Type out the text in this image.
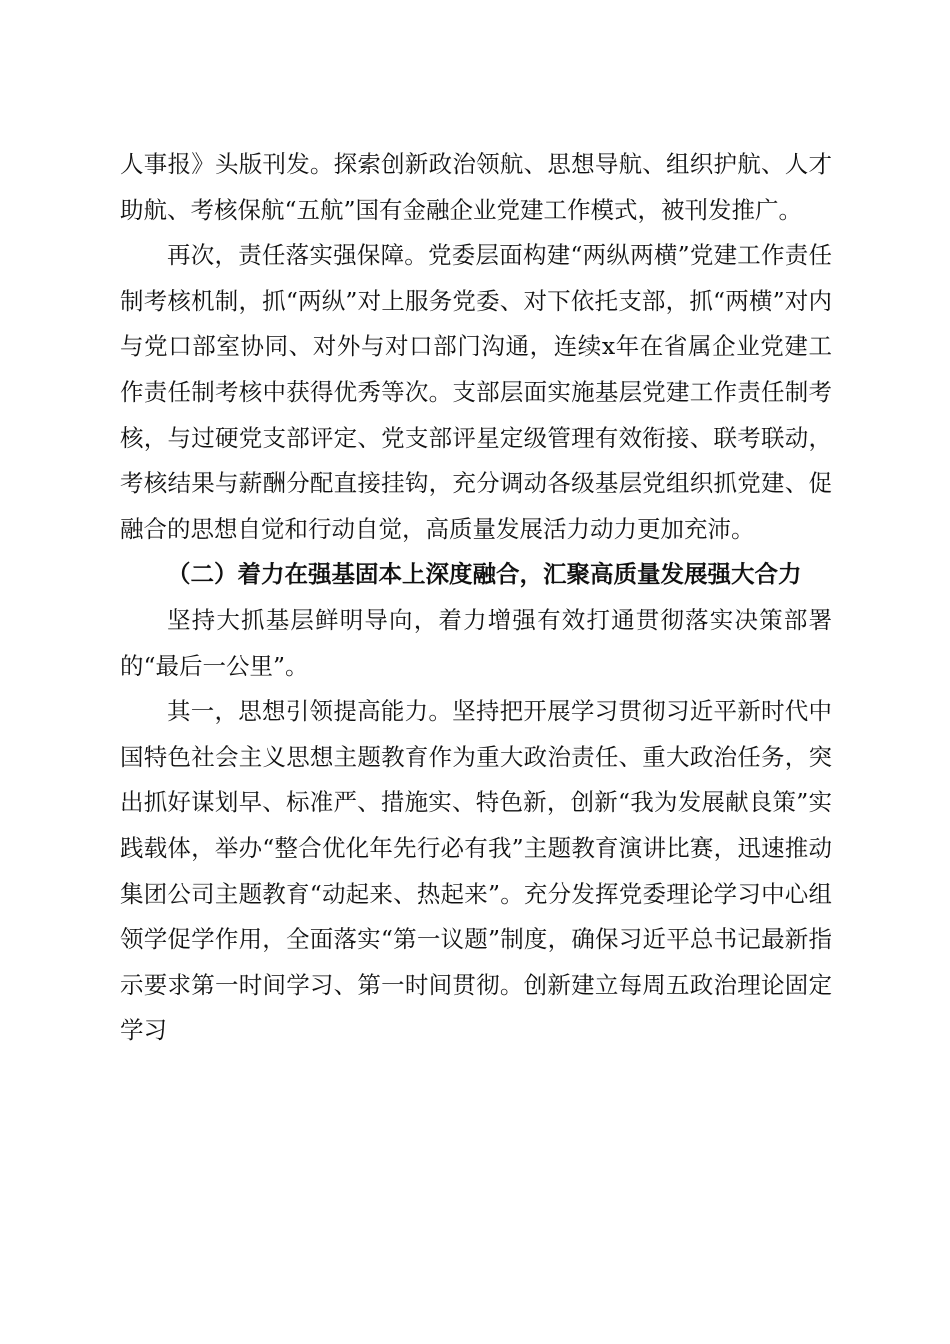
人事报》头版刊发。探索创新政治领航、思想导航、组织护航、人才助航、考核保航“五航”国有金融企业党建工作模式，被刊发推广。

再次，责任落实强保障。党委层面构建“两纵两横”党建工作责任制考核机制，抓“两纵”对上服务党委、对下依托支部，抓“两横”对内与党口部室协同、对外与对口部门沟通，连续x年在省属企业党建工作责任制考核中获得优秀等次。支部层面实施基层党建工作责任制考核，与过硬党支部评定、党支部评星定级管理有效衔接、联考联动，考核结果与薪酬分配直接挂钩，充分调动各级基层党组织抓党建、促融合的思想自觉和行动自觉，高质量发展活力动力更加充沛。

（二）着力在强基固本上深度融合，汇聚高质量发展强大合力

坚持大抓基层鲜明导向，着力增强有效打通贯彻落实决策部署的“最后一公里”。

其一，思想引领提高能力。坚持把开展学习贯彻习近平新时代中国特色社会主义思想主题教育作为重大政治责任、重大政治任务，突出抓好谋划早、标准严、措施实、特色新，创新“我为发展献良策”实践载体，举办“整合优化年先行必有我”主题教育演讲比赛，迅速推动集团公司主题教育“动起来、热起来”。充分发挥党委理论学习中心组领学促学作用，全面落实“第一议题”制度，确保习近平总书记最新指示要求第一时间学习、第一时间贯彻。创新建立每周五政治理论固定学习
